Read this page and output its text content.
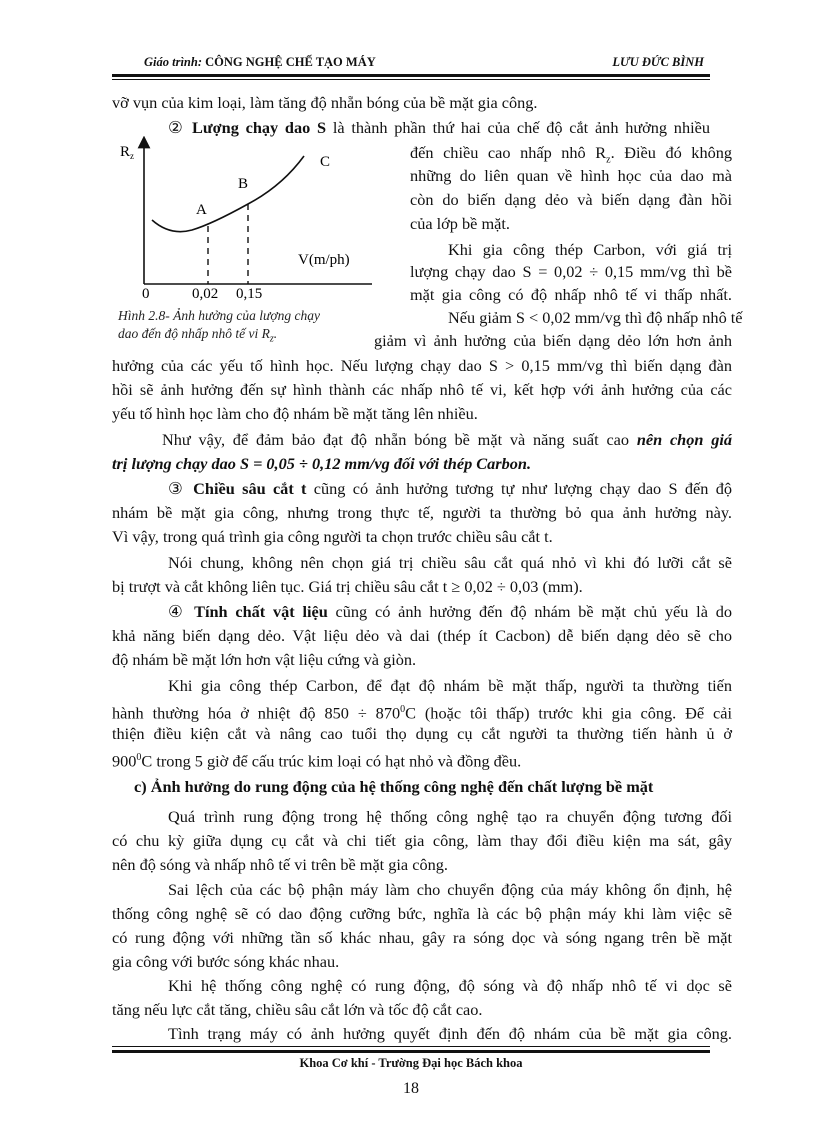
Giáo trình: CÔNG NGHỆ CHẾ TẠO MÁY	LƯU ĐỨC BÌNH
vỡ vụn của kim loại, làm tăng độ nhẵn bóng của bề mặt gia công.
② Lượng chạy dao S là thành phần thứ hai của chế độ cắt ảnh hưởng nhiều
$R_z$
A
B
C
V(m/ph)
0	0,02 0,15
Hình 2.8- Ảnh hưởng của lượng chạy
dao đến độ nhấp nhô tế vi $R_z$.
đến chiều cao nhấp nhô $R_z$. Điều đó không
những do liên quan về hình học của dao mà
còn do biến dạng dẻo và biến dạng đàn hồi
của lớp bề mặt.
Khi gia công thép Carbon, với giá trị
lượng chạy dao S = 0,02 ÷ 0,15 mm/vg thì bề
mặt gia công có độ nhấp nhô tế vi thấp nhất.
Nếu giảm S < 0,02 mm/vg thì độ nhấp nhô tế
giảm vì ảnh hưởng của biến dạng dẻo lớn hơn ảnh
hưởng của các yếu tố hình học. Nếu lượng chạy dao S > 0,15 mm/vg thì biến dạng đàn
hồi sẽ ảnh hưởng đến sự hình thành các nhấp nhô tế vi, kết hợp với ảnh hưởng của các
yếu tố hình học làm cho độ nhám bề mặt tăng lên nhiều.
Như vậy, để đảm bảo đạt độ nhẵn bóng bề mặt và năng suất cao nên chọn giá
trị lượng chạy dao S = 0,05 ÷ 0,12 mm/vg đối với thép Carbon.
③ Chiều sâu cắt t cũng có ảnh hưởng tương tự như lượng chạy dao S đến độ
nhám bề mặt gia công, nhưng trong thực tế, người ta thường bỏ qua ảnh hưởng này.
Vì vậy, trong quá trình gia công người ta chọn trước chiều sâu cắt t.
Nói chung, không nên chọn giá trị chiều sâu cắt quá nhỏ vì khi đó lưỡi cắt sẽ
bị trượt và cắt không liên tục. Giá trị chiều sâu cắt t ≥ 0,02 ÷ 0,03 (mm).
④ Tính chất vật liệu cũng có ảnh hưởng đến độ nhám bề mặt chủ yếu là do
khả năng biến dạng dẻo. Vật liệu dẻo và dai (thép ít Cacbon) dễ biến dạng dẻo sẽ cho
độ nhám bề mặt lớn hơn vật liệu cứng và giòn.
Khi gia công thép Carbon, để đạt độ nhám bề mặt thấp, người ta thường tiến
hành thường hóa ở nhiệt độ $850 \div 870^0C$ (hoặc tôi thấp) trước khi gia công. Để cải
thiện điều kiện cắt và nâng cao tuổi thọ dụng cụ cắt người ta thường tiến hành ủ ở
$900^0C$ trong 5 giờ để cấu trúc kim loại có hạt nhỏ và đồng đều.
c) Ảnh hưởng do rung động của hệ thống công nghệ đến chất lượng bề mặt
Quá trình rung động trong hệ thống công nghệ tạo ra chuyển động tương đối
có chu kỳ giữa dụng cụ cắt và chi tiết gia công, làm thay đổi điều kiện ma sát, gây
nên độ sóng và nhấp nhô tế vi trên bề mặt gia công.
Sai lệch của các bộ phận máy làm cho chuyển động của máy không ổn định, hệ
thống công nghệ sẽ có dao động cưỡng bức, nghĩa là các bộ phận máy khi làm việc sẽ
có rung động với những tần số khác nhau, gây ra sóng dọc và sóng ngang trên bề mặt
gia công với bước sóng khác nhau.
Khi hệ thống công nghệ có rung động, độ sóng và độ nhấp nhô tế vi dọc sẽ
tăng nếu lực cắt tăng, chiều sâu cắt lớn và tốc độ cắt cao.
Tình trạng máy có ảnh hưởng quyết định đến độ nhám của bề mặt gia công.
Khoa Cơ khí - Trường Đại học Bách khoa
18
